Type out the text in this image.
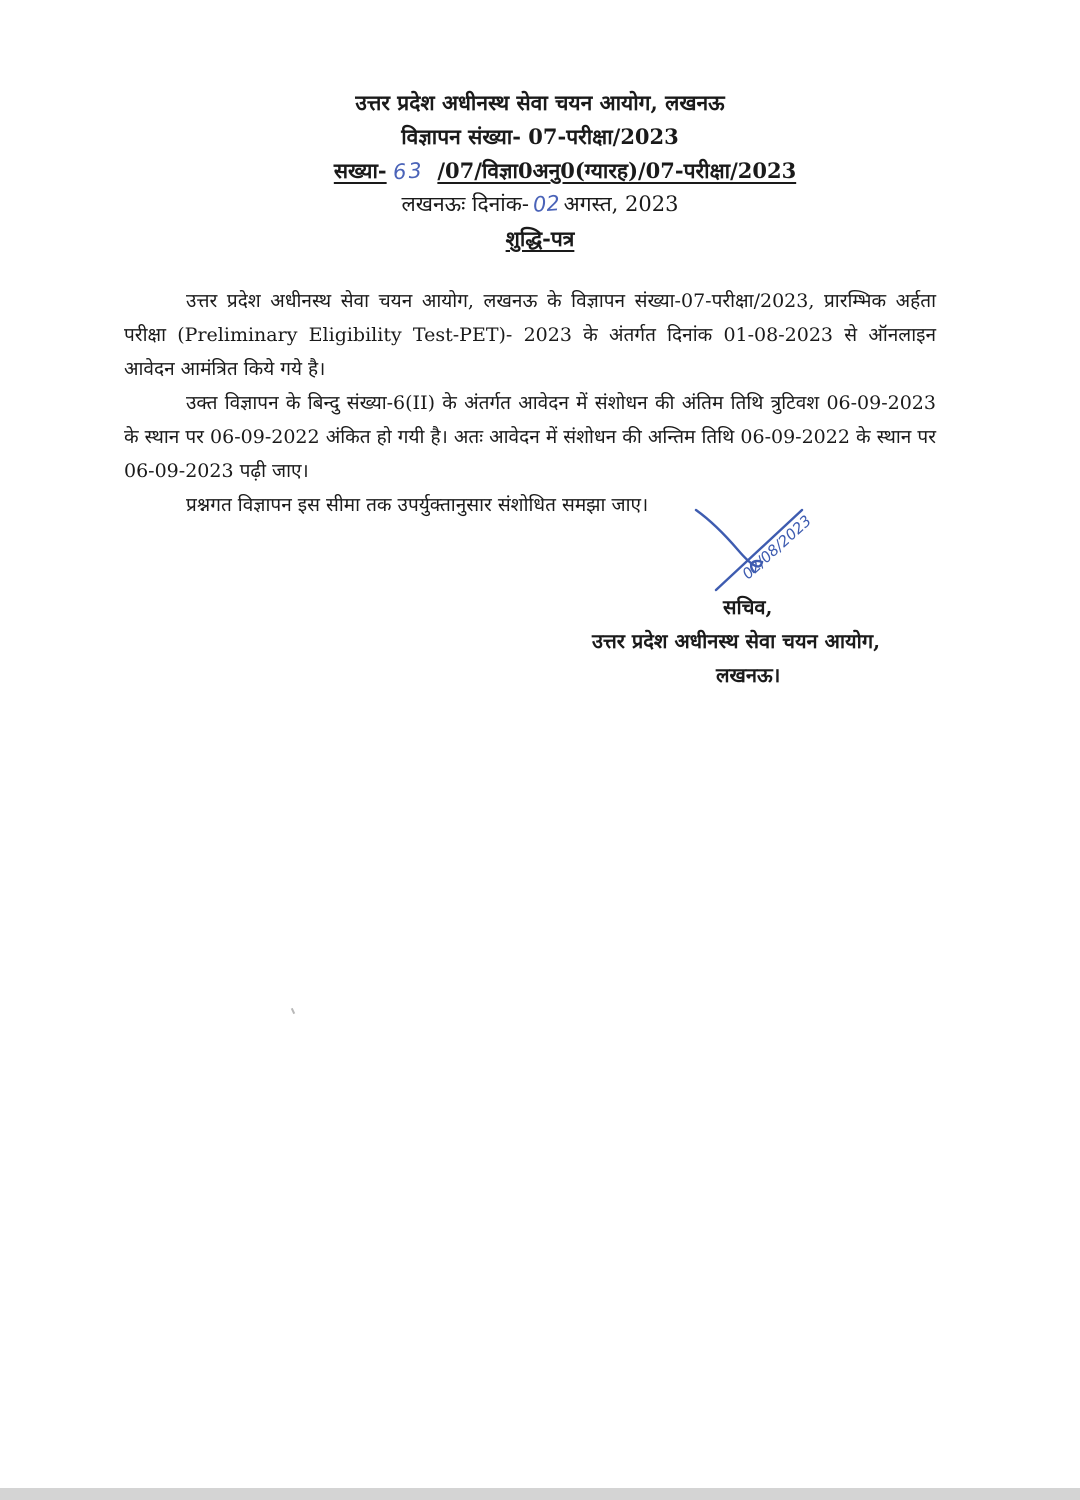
उत्तर प्रदेश अधीनस्थ सेवा चयन आयोग, लखनऊ
विज्ञापन संख्या- 07-परीक्षा/2023
सख्या- 63 /07/विज्ञा0अनु0(ग्यारह)/07-परीक्षा/2023
लखनऊः दिनांक- 02 अगस्त, 2023
शुद्धि-पत्र

उत्तर प्रदेश अधीनस्थ सेवा चयन आयोग, लखनऊ के विज्ञापन संख्या-07-परीक्षा/2023, प्रारम्भिक अर्हता परीक्षा (Preliminary Eligibility Test-PET)- 2023 के अंतर्गत दिनांक 01-08-2023 से ऑनलाइन आवेदन आमंत्रित किये गये है।

उक्त विज्ञापन के बिन्दु संख्या-6(II) के अंतर्गत आवेदन में संशोधन की अंतिम तिथि त्रुटिवश 06-09-2023 के स्थान पर 06-09-2022 अंकित हो गयी है। अतः आवेदन में संशोधन की अन्तिम तिथि 06-09-2022 के स्थान पर 06-09-2023 पढ़ी जाए।

प्रश्नगत विज्ञापन इस सीमा तक उपर्युक्तानुसार संशोधित समझा जाए।

02/08/2023
सचिव,
उत्तर प्रदेश अधीनस्थ सेवा चयन आयोग,
लखनऊ।
